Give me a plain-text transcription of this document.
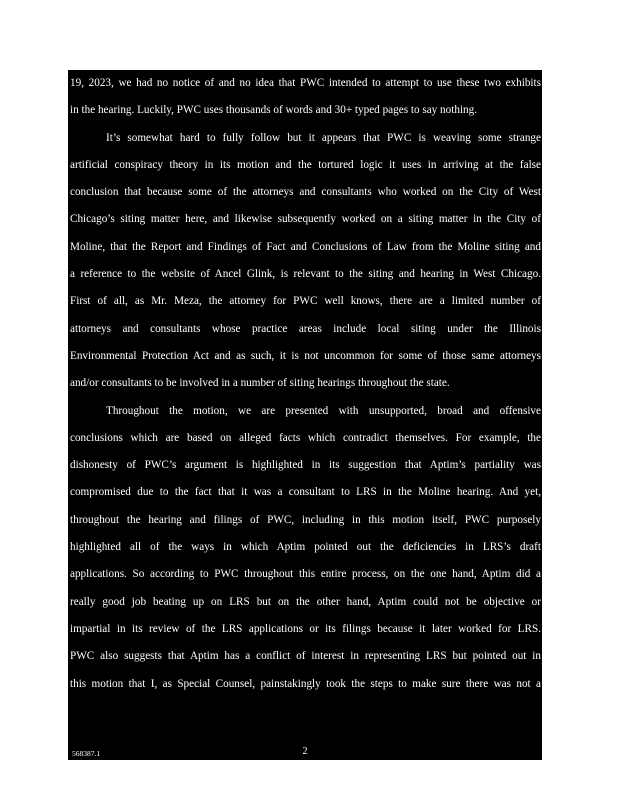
19, 2023, we had no notice of and no idea that PWC intended to attempt to use these two exhibits
in the hearing. Luckily, PWC uses thousands of words and 30+ typed pages to say nothing.
It’s somewhat hard to fully follow but it appears that PWC is weaving some strange
artificial conspiracy theory in its motion and the tortured logic it uses in arriving at the false
conclusion that because some of the attorneys and consultants who worked on the City of West
Chicago’s siting matter here, and likewise subsequently worked on a siting matter in the City of
Moline, that the Report and Findings of Fact and Conclusions of Law from the Moline siting and
a reference to the website of Ancel Glink, is relevant to the siting and hearing in West Chicago.
First of all, as Mr. Meza, the attorney for PWC well knows, there are a limited number of
attorneys and consultants whose practice areas include local siting under the Illinois
Environmental Protection Act and as such, it is not uncommon for some of those same attorneys
and/or consultants to be involved in a number of siting hearings throughout the state.
Throughout the motion, we are presented with unsupported, broad and offensive
conclusions which are based on alleged facts which contradict themselves. For example, the
dishonesty of PWC’s argument is highlighted in its suggestion that Aptim’s partiality was
compromised due to the fact that it was a consultant to LRS in the Moline hearing. And yet,
throughout the hearing and filings of PWC, including in this motion itself, PWC purposely
highlighted all of the ways in which Aptim pointed out the deficiencies in LRS’s draft
applications. So according to PWC throughout this entire process, on the one hand, Aptim did a
really good job beating up on LRS but on the other hand, Aptim could not be objective or
impartial in its review of the LRS applications or its filings because it later worked for LRS.
PWC also suggests that Aptim has a conflict of interest in representing LRS but pointed out in
this motion that I, as Special Counsel, painstakingly took the steps to make sure there was not a
2
568387.1
